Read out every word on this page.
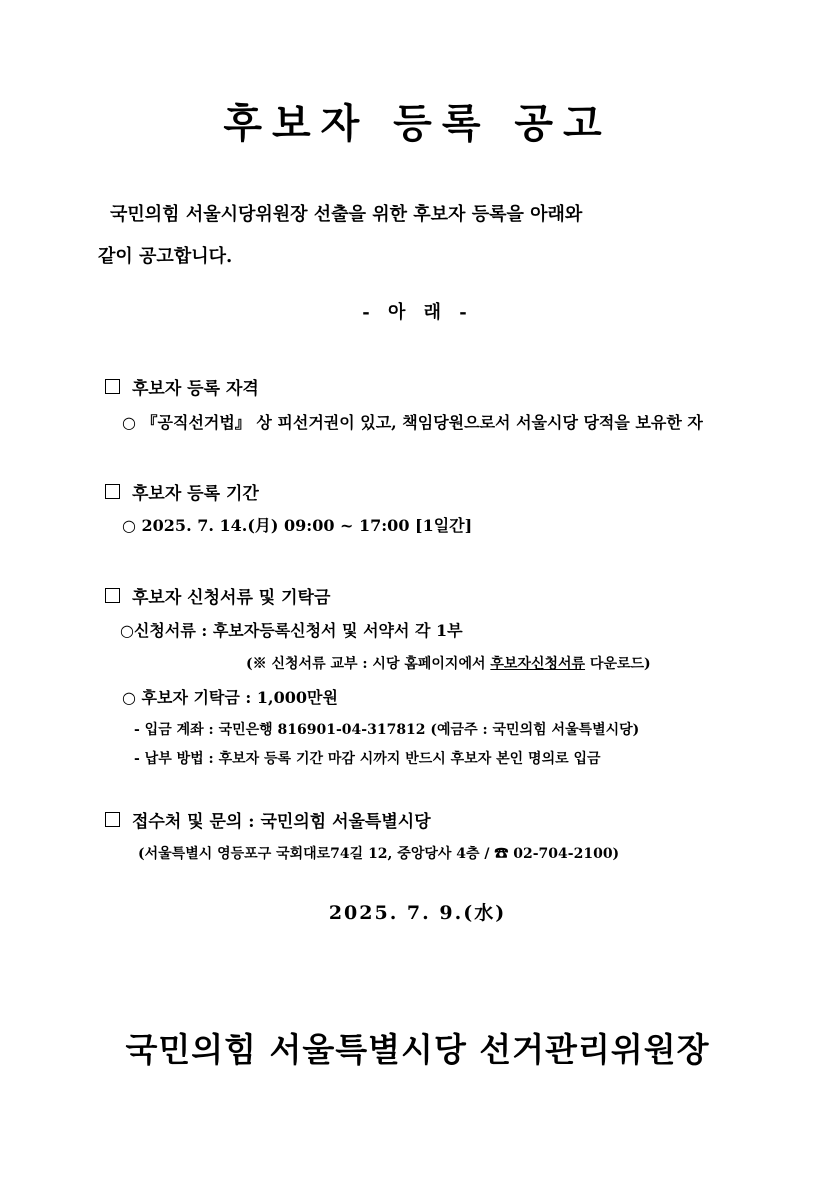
후보자 등록 공고
국민의힘 서울시당위원장 선출을 위한 후보자 등록을 아래와
같이 공고합니다.
- 아 래 -
후보자 등록 자격
○ 『공직선거법』 상 피선거권이 있고, 책임당원으로서 서울시당 당적을 보유한 자
후보자 등록 기간
○ 2025. 7. 14.(月) 09:00 ~ 17:00 [1일간]
후보자 신청서류 및 기탁금
○신청서류 : 후보자등록신청서 및 서약서 각 1부
(※ 신청서류 교부 : 시당 홈페이지에서 후보자신청서류 다운로드)
○ 후보자 기탁금 : 1,000만원
- 입금 계좌 : 국민은행 816901-04-317812 (예금주 : 국민의힘 서울특별시당)
- 납부 방법 : 후보자 등록 기간 마감 시까지 반드시 후보자 본인 명의로 입금
접수처 및 문의 : 국민의힘 서울특별시당
(서울특별시 영등포구 국회대로74길 12, 중앙당사 4층 / ☎ 02-704-2100)
2025. 7. 9.(水)
국민의힘 서울특별시당 선거관리위원장
